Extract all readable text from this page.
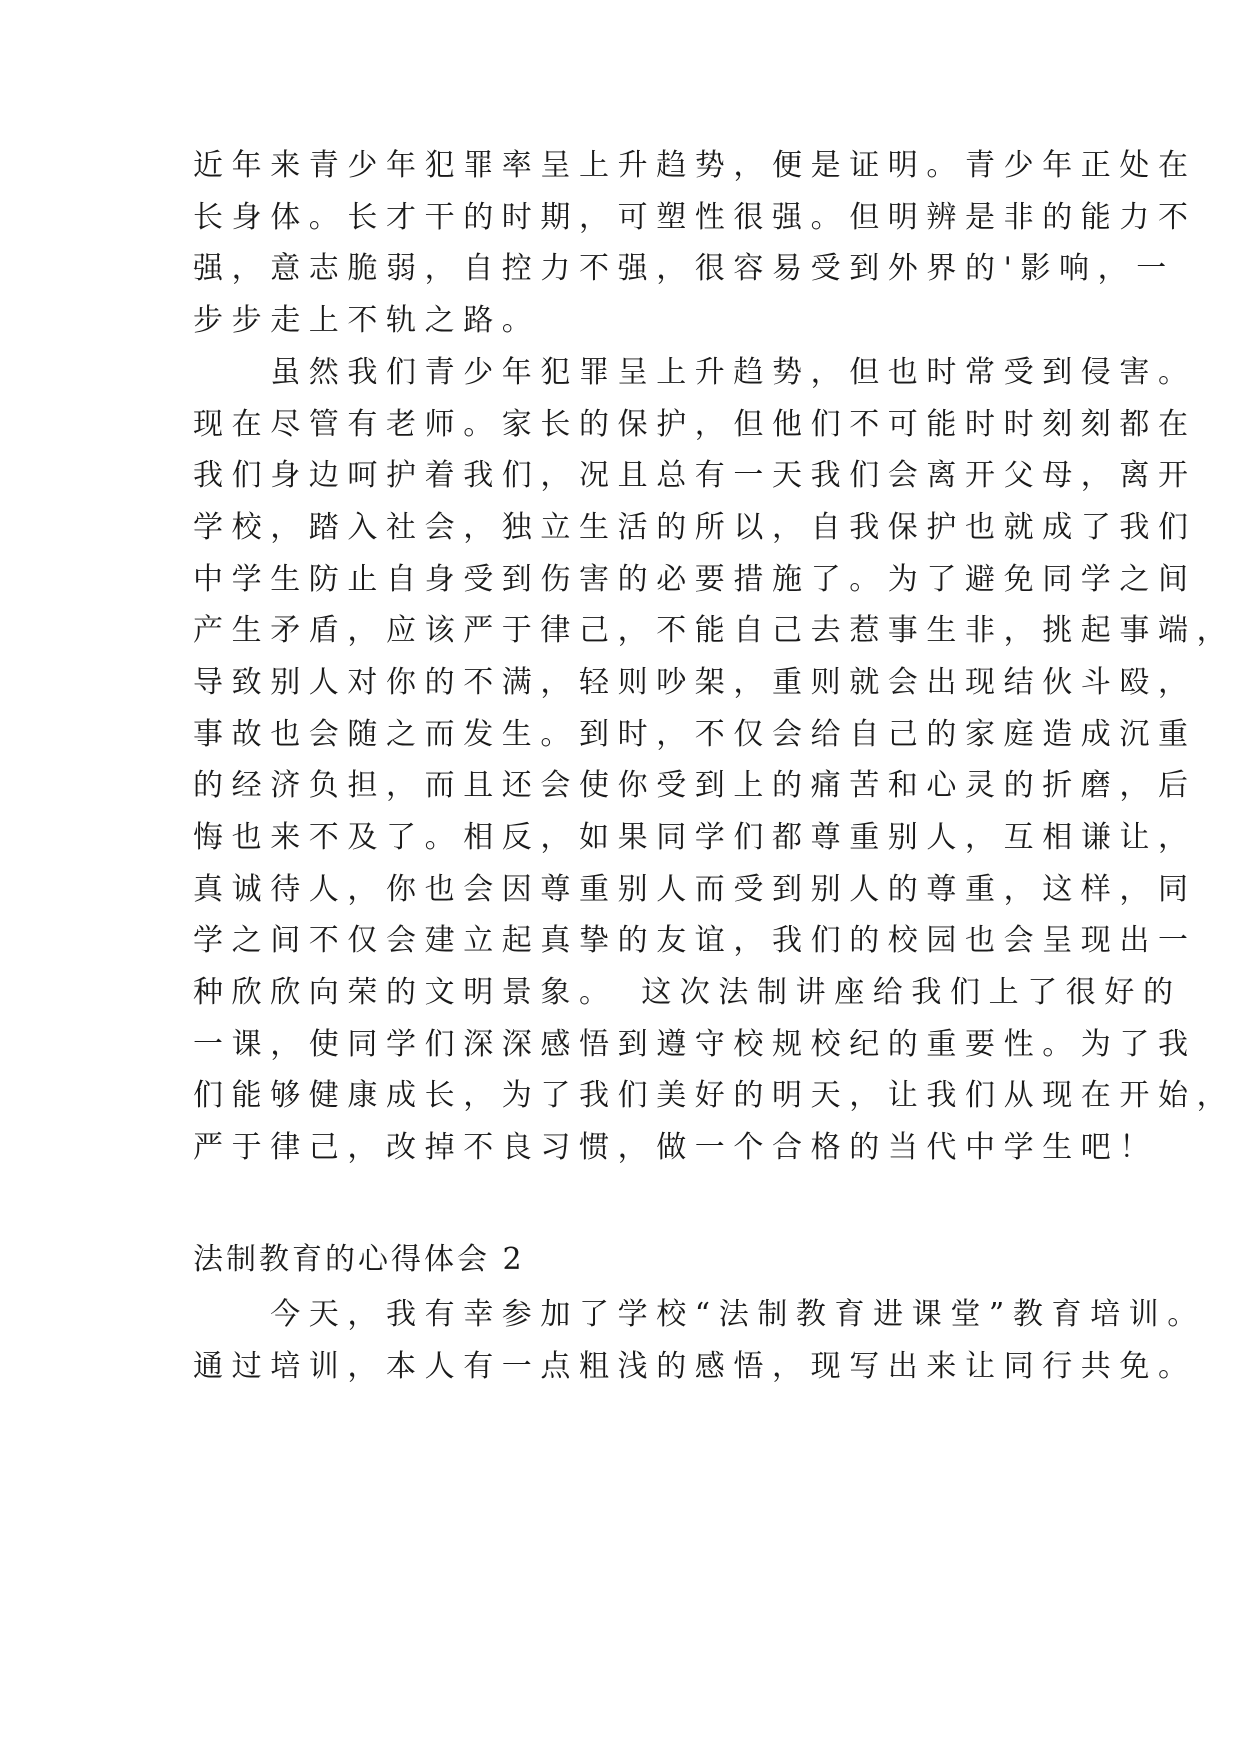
近年来青少年犯罪率呈上升趋势，便是证明。青少年正处在

长身体。长才干的时期，可塑性很强。但明辨是非的能力不

强，意志脆弱，自控力不强，很容易受到外界的'影响，一

步步走上不轨之路。

　　虽然我们青少年犯罪呈上升趋势，但也时常受到侵害。

现在尽管有老师。家长的保护，但他们不可能时时刻刻都在

我们身边呵护着我们，况且总有一天我们会离开父母，离开

学校，踏入社会，独立生活的所以，自我保护也就成了我们

中学生防止自身受到伤害的必要措施了。为了避免同学之间

产生矛盾，应该严于律己，不能自己去惹事生非，挑起事端，

导致别人对你的不满，轻则吵架，重则就会出现结伙斗殴，

事故也会随之而发生。到时，不仅会给自己的家庭造成沉重

的经济负担，而且还会使你受到上的痛苦和心灵的折磨，后

悔也来不及了。相反，如果同学们都尊重别人，互相谦让，

真诚待人，你也会因尊重别人而受到别人的尊重，这样，同

学之间不仅会建立起真挚的友谊，我们的校园也会呈现出一

种欣欣向荣的文明景象。　这次法制讲座给我们上了很好的

一课，使同学们深深感悟到遵守校规校纪的重要性。为了我

们能够健康成长，为了我们美好的明天，让我们从现在开始，

严于律己，改掉不良习惯，做一个合格的当代中学生吧！

法制教育的心得体会 2

　　今天，我有幸参加了学校“法制教育进课堂”教育培训。

通过培训，本人有一点粗浅的感悟，现写出来让同行共免。
